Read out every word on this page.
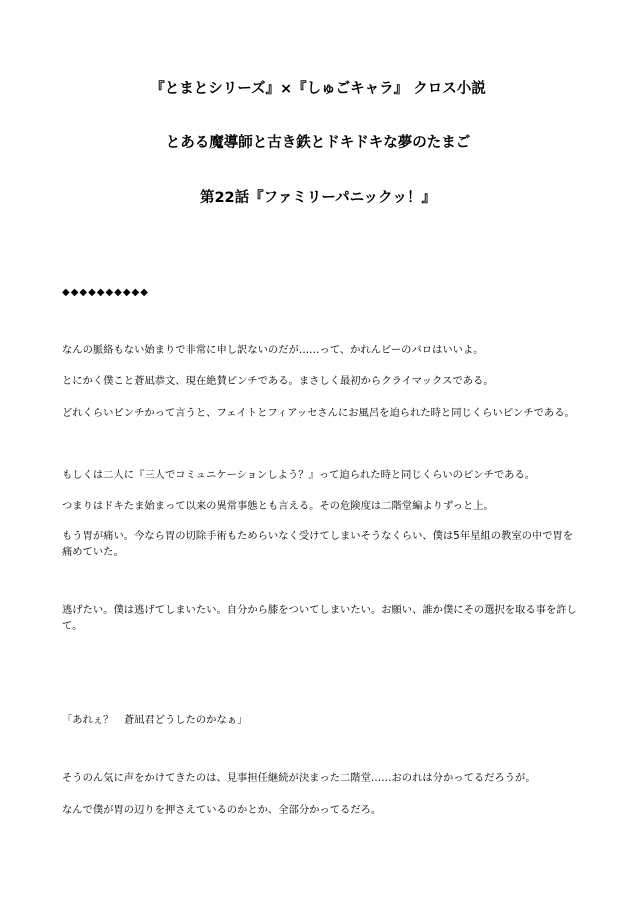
『とまとシリーズ』×『しゅごキャラ』 クロス小説
とある魔導師と古き鉄とドキドキな夢のたまご
第22話『ファミリーパニックッ！』
◆◆◆◆◆◆◆◆◆◆

なんの脈絡もない始まりで非常に申し訳ないのだが……って、かれんビーのパロはいいよ。

とにかく僕こと蒼凪恭文、現在絶賛ピンチである。まさしく最初からクライマックスである。

どれくらいピンチかって言うと、フェイトとフィアッセさんにお風呂を迫られた時と同じくらいピンチである。

もしくは二人に『三人でコミュニケーションしよう？』って迫られた時と同じくらいのピンチである。

つまりはドキたま始まって以来の異常事態とも言える。その危険度は二階堂編よりずっと上。

もう胃が痛い。今なら胃の切除手術もためらいなく受けてしまいそうなくらい、僕は5年星組の教室の中で胃を痛めていた。

逃げたい。僕は逃げてしまいたい。自分から膝をついてしまいたい。お願い、誰か僕にその選択を取る事を許して。

「あれぇ？　蒼凪君どうしたのかなぁ」

そうのん気に声をかけてきたのは、見事担任継続が決まった二階堂……おのれは分かってるだろうが。

なんで僕が胃の辺りを押さえているのかとか、全部分かってるだろ。
